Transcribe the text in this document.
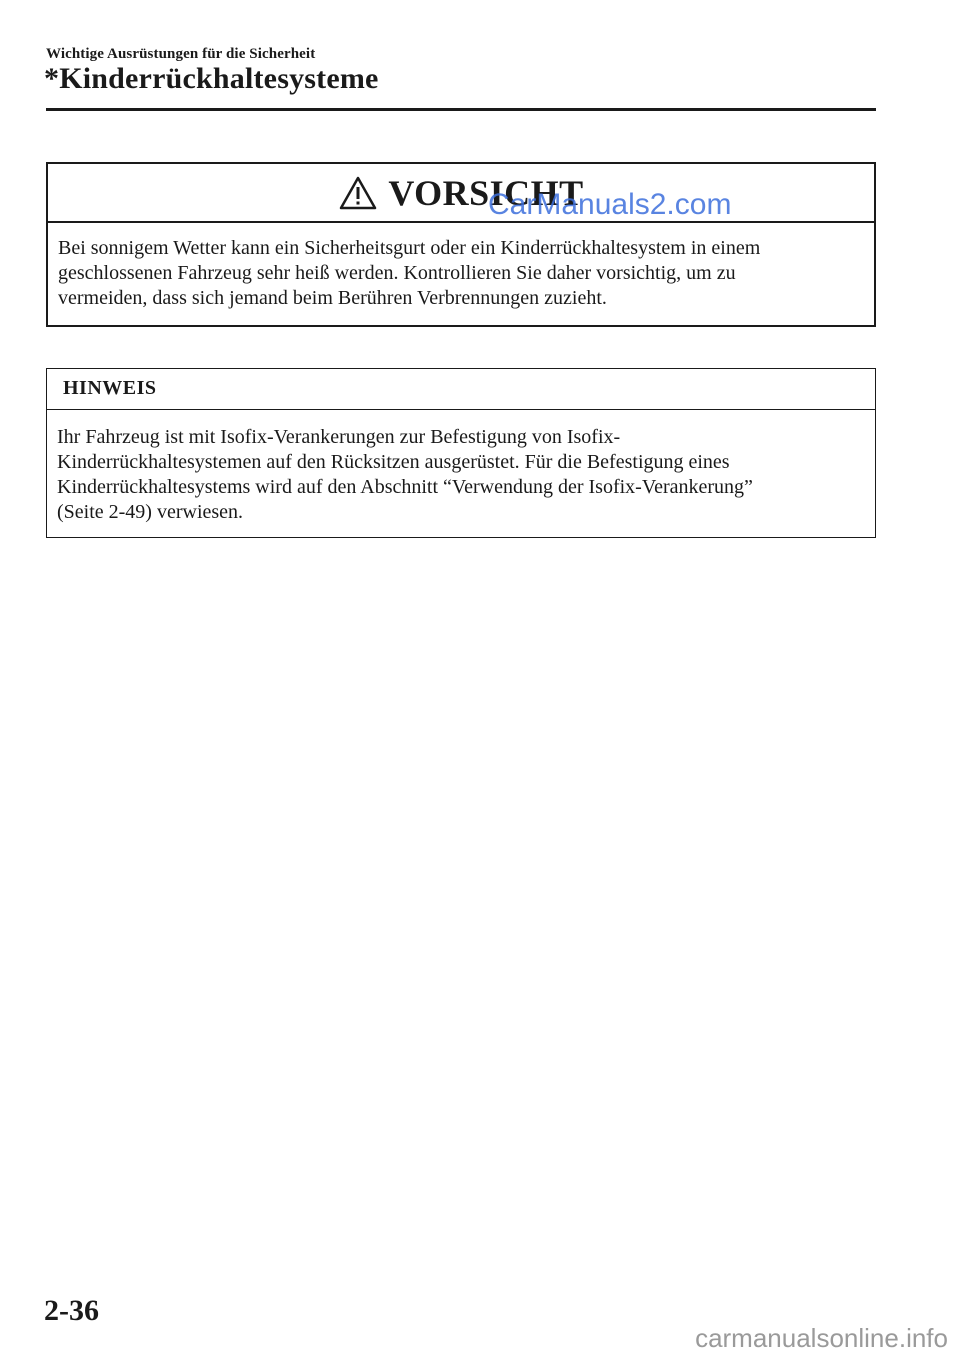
Wichtige Ausrüstungen für die Sicherheit
*Kinderrückhaltesysteme
VORSICHT
Bei sonnigem Wetter kann ein Sicherheitsgurt oder ein Kinderrückhaltesystem in einem
geschlossenen Fahrzeug sehr heiß werden. Kontrollieren Sie daher vorsichtig, um zu
vermeiden, dass sich jemand beim Berühren Verbrennungen zuzieht.
CarManuals2.com
HINWEIS
Ihr Fahrzeug ist mit Isofix-Verankerungen zur Befestigung von Isofix-
Kinderrückhaltesystemen auf den Rücksitzen ausgerüstet. Für die Befestigung eines
Kinderrückhaltesystems wird auf den Abschnitt “Verwendung der Isofix-Verankerung”
(Seite 2-49) verwiesen.
2-36
carmanualsonline.info
